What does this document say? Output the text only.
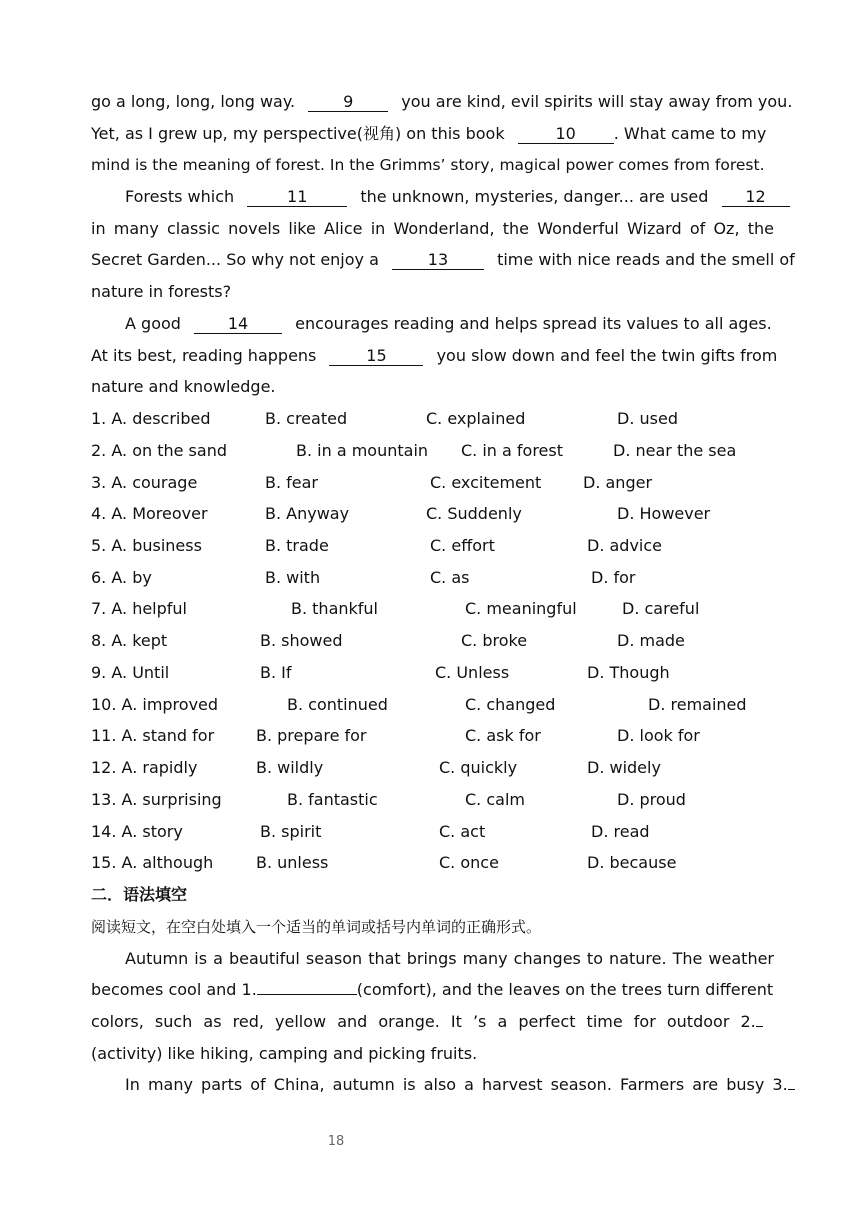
go a long, long, long way.	9	you are kind, evil spirits will stay away from you.
Yet, as I grew up, my perspective(视角) on this book	10 . What came to my
mind is the meaning of forest. In the Grimms’ story, magical power comes from forest.
Forests which	11	the unknown, mysteries, danger... are used 12
in many classic novels like Alice in Wonderland, the Wonderful Wizard of Oz, the
Secret Garden... So why not enjoy a	13	time with nice reads and the smell of
nature in forests?
A good	14	encourages reading and helps spread its values to all ages.
At its best, reading happens	15	you slow down and feel the twin gifts from
nature and knowledge.
1. A. described	B. created	C. explained	D. used
2. A. on the sand	B. in a mountain C. in a forest	D. near the sea
3. A. courage	B. fear	C. excitement	D. anger
4. A. Moreover	B. Anyway	C. Suddenly	D. However
5. A. business	B. trade	C. effort	D. advice
6. A. by	B. with	C. as	D. for
7. A. helpful	B. thankful	C. meaningful	D. careful
8. A. kept	B. showed	C. broke	D. made
9. A. Until	B. If	C. Unless	D. Though
10. A. improved	B. continued	C. changed	D. remained
11. A. stand for	B. prepare for	C. ask for	D. look for
12. A. rapidly	B. wildly	C. quickly	D. widely
13. A. surprising	B. fantastic	C. calm	D. proud
14. A. story	B. spirit	C. act	D. read
15. A. although	B. unless	C. once	D. because
二．语法填空
阅读短文，在空白处填入一个适当的单词或括号内单词的正确形式。
Autumn is a beautiful season that brings many changes to nature. The weather
becomes cool and 1.	(comfort), and the leaves on the trees turn different
colors, such as red, yellow and orange. It ’s a perfect time for outdoor 2.
(activity) like hiking, camping and picking fruits.
In many parts of China, autumn is also a harvest season. Farmers are busy 3.
18
